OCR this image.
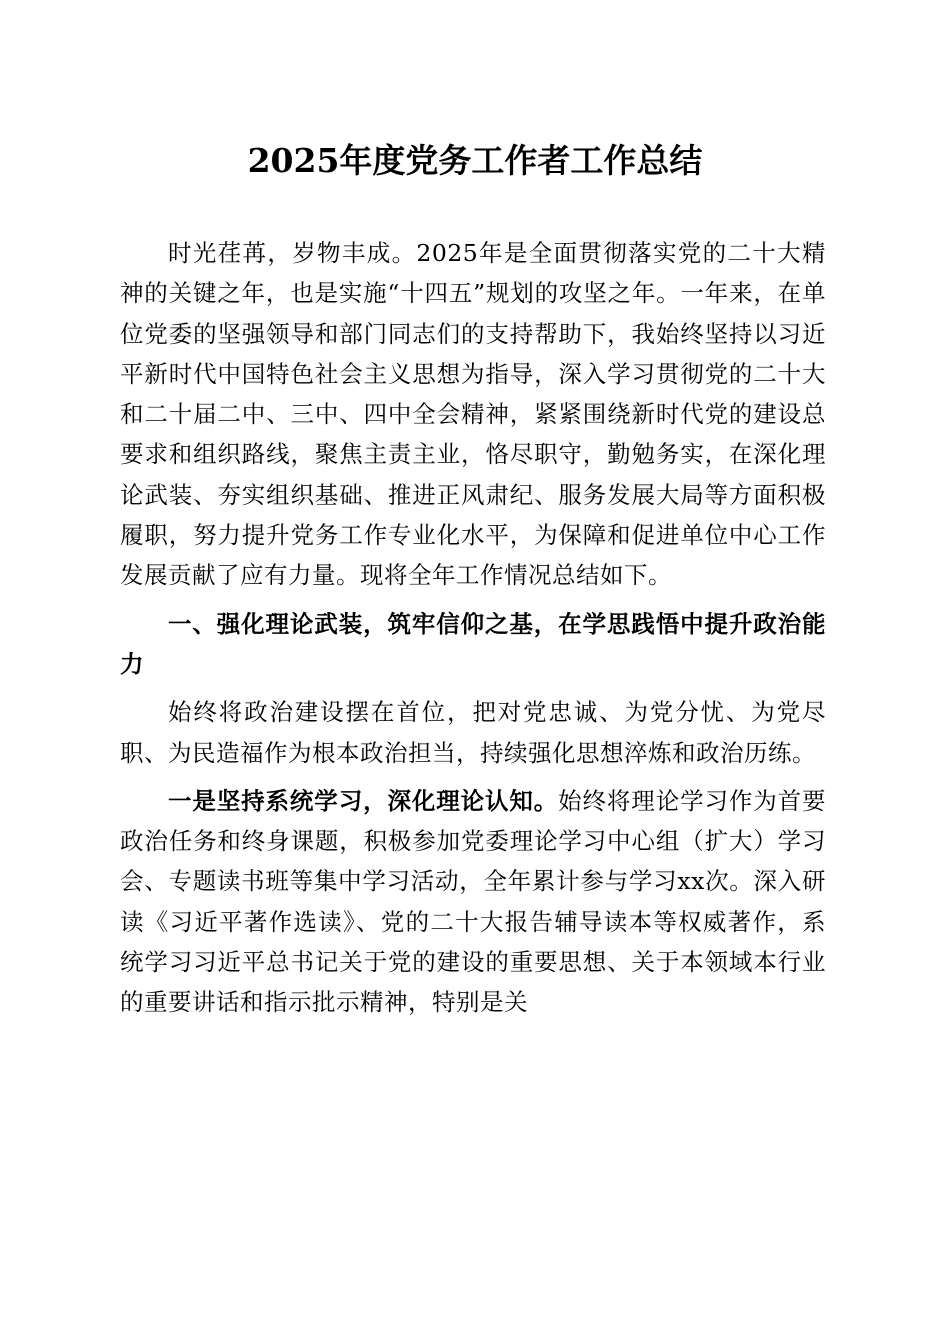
2025年度党务工作者工作总结

时光荏苒，岁物丰成。2025年是全面贯彻落实党的二十大精神的关键之年，也是实施“十四五”规划的攻坚之年。一年来，在单位党委的坚强领导和部门同志们的支持帮助下，我始终坚持以习近平新时代中国特色社会主义思想为指导，深入学习贯彻党的二十大和二十届二中、三中、四中全会精神，紧紧围绕新时代党的建设总要求和组织路线，聚焦主责主业，恪尽职守，勤勉务实，在深化理论武装、夯实组织基础、推进正风肃纪、服务发展大局等方面积极履职，努力提升党务工作专业化水平，为保障和促进单位中心工作发展贡献了应有力量。现将全年工作情况总结如下。

一、强化理论武装，筑牢信仰之基，在学思践悟中提升政治能力

始终将政治建设摆在首位，把对党忠诚、为党分忧、为党尽职、为民造福作为根本政治担当，持续强化思想淬炼和政治历练。

一是坚持系统学习，深化理论认知。始终将理论学习作为首要政治任务和终身课题，积极参加党委理论学习中心组（扩大）学习会、专题读书班等集中学习活动，全年累计参与学习xx次。深入研读《习近平著作选读》、党的二十大报告辅导读本等权威著作，系统学习习近平总书记关于党的建设的重要思想、关于本领域本行业的重要讲话和指示批示精神，特别是关
